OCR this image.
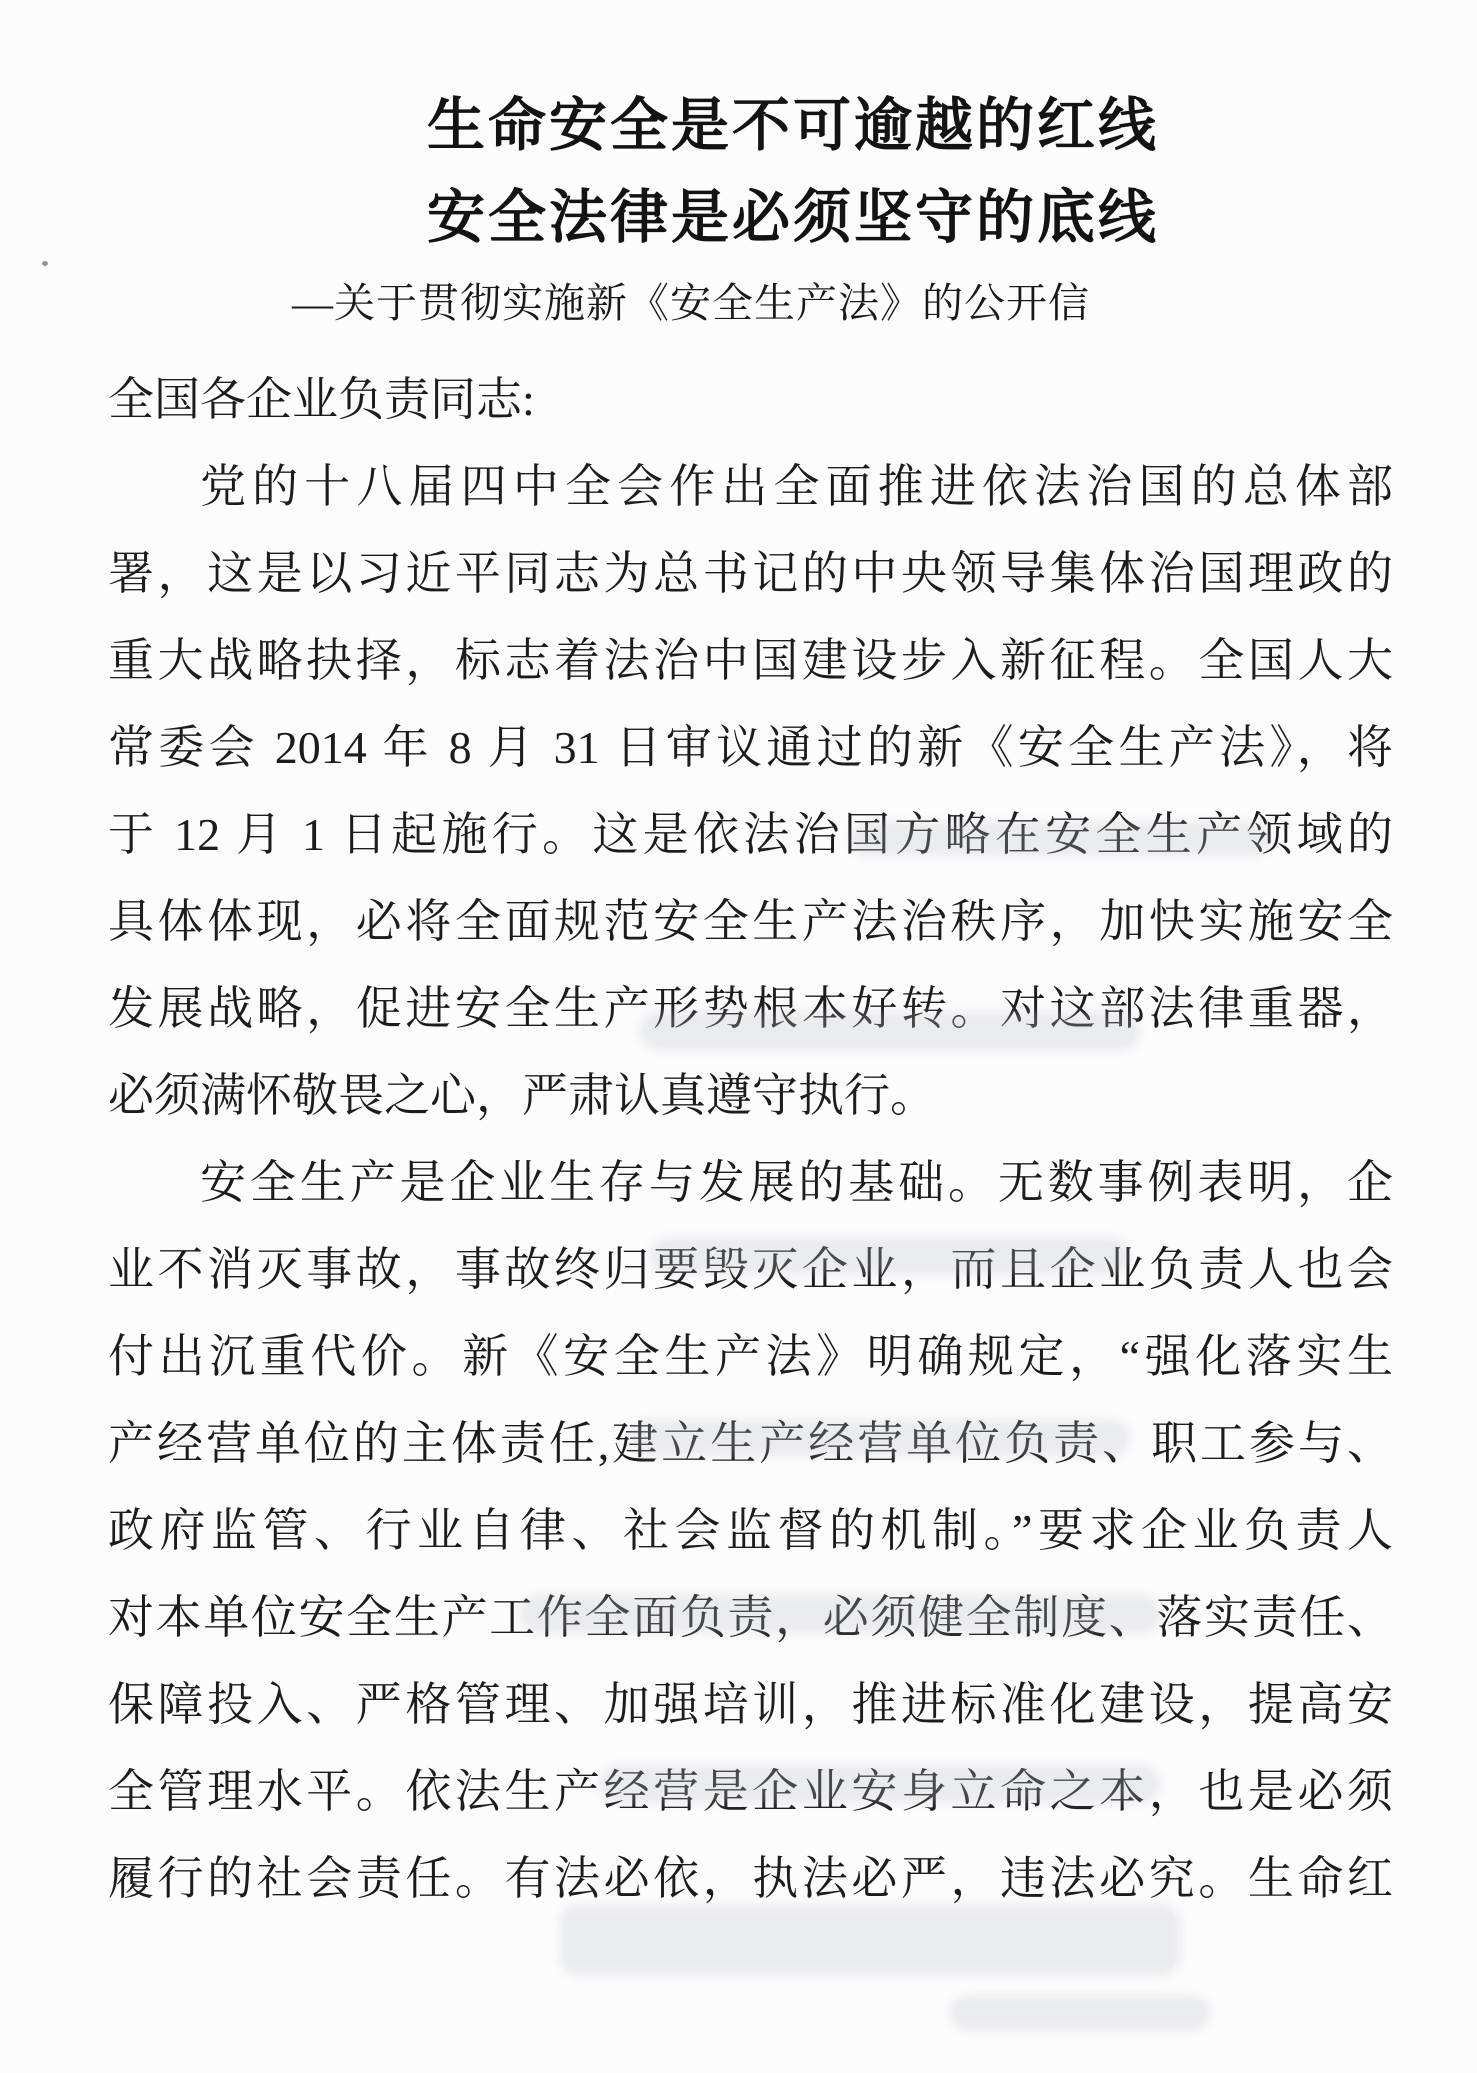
生命安全是不可逾越的红线
安全法律是必须坚守的底线
—关于贯彻实施新《安全生产法》的公开信
全国各企业负责同志:
党的十八届四中全会作出全面推进依法治国的总体部
署，这是以习近平同志为总书记的中央领导集体治国理政的
重大战略抉择，标志着法治中国建设步入新征程。全国人大
常委会 2014 年 8 月 31 日审议通过的新《安全生产法》，将
于 12 月 1 日起施行。这是依法治国方略在安全生产领域的
具体体现，必将全面规范安全生产法治秩序，加快实施安全
发展战略，促进安全生产形势根本好转。对这部法律重器，
必须满怀敬畏之心，严肃认真遵守执行。
安全生产是企业生存与发展的基础。无数事例表明，企
业不消灭事故，事故终归要毁灭企业，而且企业负责人也会
付出沉重代价。新《安全生产法》明确规定，“强化落实生
产经营单位的主体责任,建立生产经营单位负责、职工参与、
政府监管、行业自律、社会监督的机制。”要求企业负责人
对本单位安全生产工作全面负责，必须健全制度、落实责任、
保障投入、严格管理、加强培训，推进标准化建设，提高安
全管理水平。依法生产经营是企业安身立命之本，也是必须
履行的社会责任。有法必依，执法必严，违法必究。生命红
